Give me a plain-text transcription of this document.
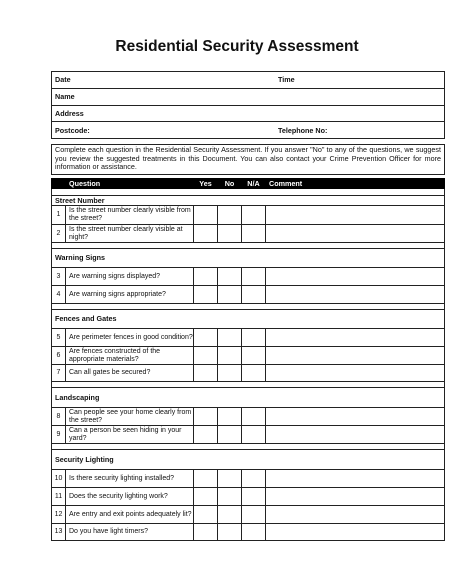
Residential Security Assessment
Date	Time
Name	
Address	
Postcode:	Telephone No:
Complete each question in the Residential Security Assessment. If you answer "No" to any of the questions, we suggest you review the suggested treatments in this Document. You can also contact your Crime Prevention Officer for more information or assistance.
	Question	Yes	No	N/A	Comment

Street Number					
1	Is the street number clearly visible from the street?				
2	Is the street number clearly visible at night?				

Warning Signs					
3	Are warning signs displayed?				
4	Are warning signs appropriate?				

Fences and Gates					
5	Are perimeter fences in good condition?				
6	Are fences constructed of the appropriate materials?				
7	Can all gates be secured?				

Landscaping					
8	Can people see your home clearly from the street?				
9	Can a person be seen hiding in your yard?				

Security Lighting					
10	Is there security lighting installed?				
11	Does the security lighting work?				
12	Are entry and exit points adequately lit?				
13	Do you have light timers?				
